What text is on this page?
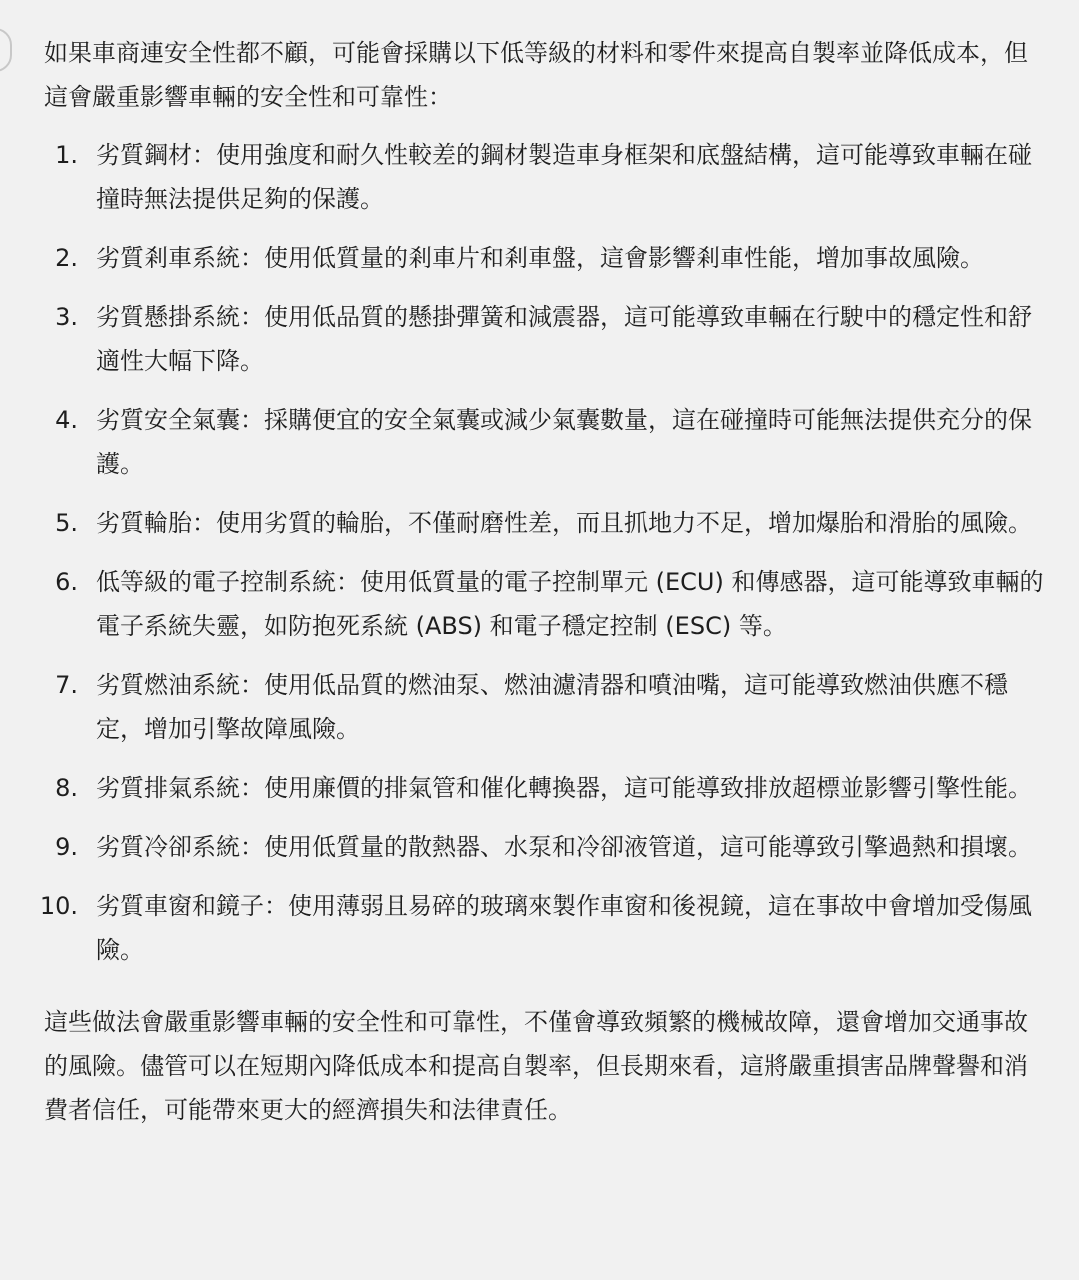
如果車商連安全性都不顧，可能會採購以下低等級的材料和零件來提高自製率並降低成本，但這會嚴重影響車輛的安全性和可靠性：

1. 劣質鋼材：使用強度和耐久性較差的鋼材製造車身框架和底盤結構，這可能導致車輛在碰撞時無法提供足夠的保護。
2. 劣質剎車系統：使用低質量的剎車片和剎車盤，這會影響剎車性能，增加事故風險。
3. 劣質懸掛系統：使用低品質的懸掛彈簧和減震器，這可能導致車輛在行駛中的穩定性和舒適性大幅下降。
4. 劣質安全氣囊：採購便宜的安全氣囊或減少氣囊數量，這在碰撞時可能無法提供充分的保護。
5. 劣質輪胎：使用劣質的輪胎，不僅耐磨性差，而且抓地力不足，增加爆胎和滑胎的風險。
6. 低等級的電子控制系統：使用低質量的電子控制單元 (ECU) 和傳感器，這可能導致車輛的電子系統失靈，如防抱死系統 (ABS) 和電子穩定控制 (ESC) 等。
7. 劣質燃油系統：使用低品質的燃油泵、燃油濾清器和噴油嘴，這可能導致燃油供應不穩定，增加引擎故障風險。
8. 劣質排氣系統：使用廉價的排氣管和催化轉換器，這可能導致排放超標並影響引擎性能。
9. 劣質冷卻系統：使用低質量的散熱器、水泵和冷卻液管道，這可能導致引擎過熱和損壞。
10. 劣質車窗和鏡子：使用薄弱且易碎的玻璃來製作車窗和後視鏡，這在事故中會增加受傷風險。

這些做法會嚴重影響車輛的安全性和可靠性，不僅會導致頻繁的機械故障，還會增加交通事故的風險。儘管可以在短期內降低成本和提高自製率，但長期來看，這將嚴重損害品牌聲譽和消費者信任，可能帶來更大的經濟損失和法律責任。
